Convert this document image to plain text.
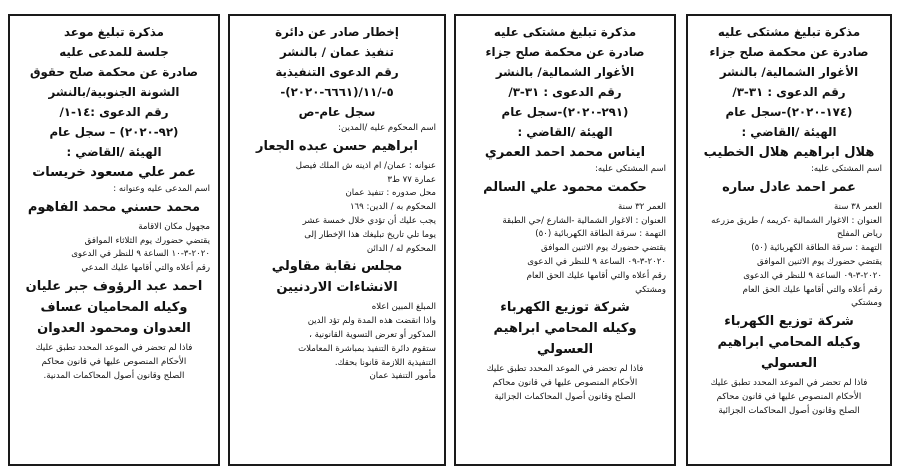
مذكرة تبليغ مشتكى عليه

صادرة عن محكمة صلح جزاء

الأغوار الشمالية/ بالنشر

رقم الدعوى : ٣١-٣/

(١٧٤-٢٠٢٠)-سجل عام

الهيئة /القاضي :

هلال ابراهيم هلال الخطيب

اسم المشتكى عليه:

عمر احمد عادل ساره

العمر ٣٨ سنة

العنوان : الاغوار الشمالية -كريمه / طريق مزرعه رياض المفلح

التهمة : سرقة الطاقة الكهربائية (٥٠)

يقتضي حضورك يوم الاثنين الموافق

٢٠٢٠-٣-٠٩ الساعة ٩ للنظر في الدعوى

رقم أعلاه والتي أقامها عليك الحق العام

ومشتكي

شركة توزيع الكهرباء

وكيله المحامي ابراهيم

العسولي

فاذا لم تحضر في الموعد المحدد تطبق عليك

الأحكام المنصوص عليها في قانون محاكم

الصلح وقانون أصول المحاكمات الجزائية

مذكرة تبليغ مشتكى عليه

صادرة عن محكمة صلح جزاء

الأغوار الشمالية/ بالنشر

رقم الدعوى : ٣١-٣/

(٢٩١-٢٠٢٠)-سجل عام

الهيئة /القاضي :

ايناس محمد احمد العمري

اسم المشتكى عليه:

حكمت محمود علي السالم

العمر ٣٢ سنة

العنوان : الاغوار الشمالية -الشارع /حي الطبقة

التهمة : سرقة الطاقة الكهربائية (٥٠)

يقتضي حضورك يوم الاثنين الموافق

٢٠٢٠-٣-٠٩ الساعة ٩ للنظر في الدعوى

رقم أعلاه والتي أقامها عليك الحق العام

ومشتكي

شركة توزيع الكهرباء

وكيله المحامي ابراهيم

العسولي

فاذا لم تحضر في الموعد المحدد تطبق عليك

الأحكام المنصوص عليها في قانون محاكم

الصلح وقانون أصول المحاكمات الجزائية

إخطار صادر عن دائرة

تنفيذ عمان / بالنشر

رقم الدعوى التنفيذية

٥-/١١/(٦٦٦١-٢٠٢٠)-

سجل عام-ص

اسم المحكوم عليه /المدين:

ابراهيم حسن عبده الجعار

عنوانه : عمان/ ام اذينه ش الملك فيصل

عمارة ٧٧ ط٣

محل صدوره : تنفيذ عمان

المحكوم به / الدين: ١٦٩

يجب عليك أن تؤدي خلال خمسة عشر

يوما تلي تاريخ تبليغك هذا الإخطار إلى

المحكوم له / الدائن

مجلس نقابة مقاولي

الانشاءات الاردنيين

المبلغ المبين اعلاه

واذا انقضت هذه المدة ولم تؤد الدين

المذكور أو تعرض التسوية القانونية ،

ستقوم دائرة التنفيذ بمباشرة المعاملات

التنفيذية اللازمة قانونا بحقك.

مأمور التنفيذ عمان

مذكرة تبليغ موعد

جلسة للمدعى عليه

صادرة عن محكمة صلح حقوق

الشونة الجنوبية/بالنشر

رقم الدعوى :١٤-١/

(٩٢-٢٠٢٠) – سجل عام

الهيئة /القاضي :

عمر علي مسعود خريسات

اسم المدعى عليه وعنوانه :

محمد حسني محمد الفاهوم

مجهول مكان الاقامة

يقتضي حضورك يوم الثلاثاء الموافق

٢٠٢٠-٣-١٠ الساعة ٩ للنظر في الدعوى

رقم أعلاه والتي أقامها عليك المدعي

احمد عبد الرؤوف جبر عليان

وكيله المحاميان عساف

العدوان ومحمود العدوان

فاذا لم تحضر في الموعد المحدد تطبق عليك

الأحكام المنصوص عليها في قانون محاكم

الصلح وقانون أصول المحاكمات المدنية.
